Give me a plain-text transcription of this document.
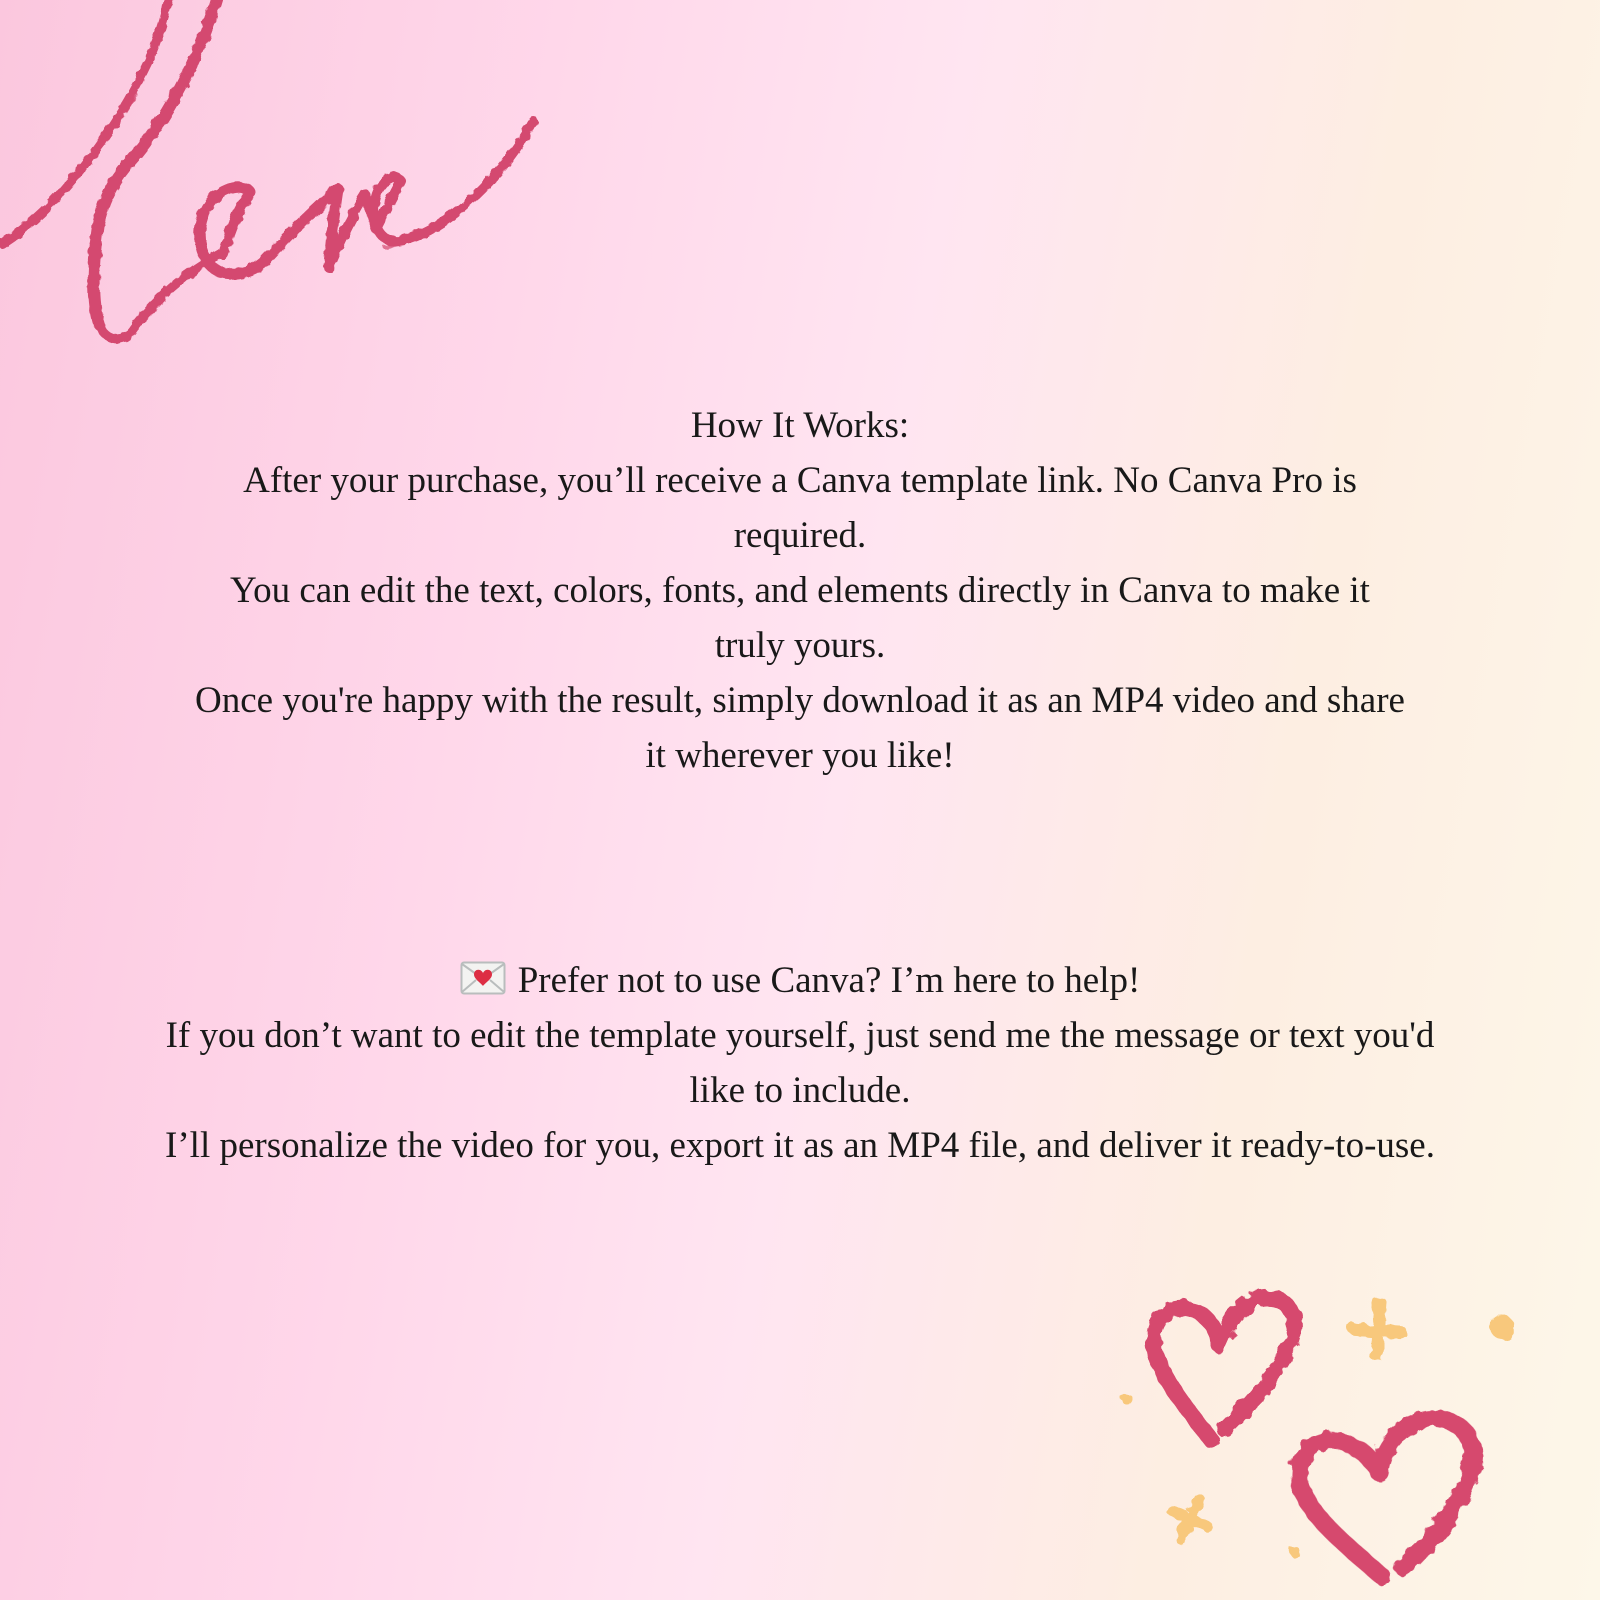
How It Works:
After your purchase, you’ll receive a Canva template link. No Canva Pro is
required.
You can edit the text, colors, fonts, and elements directly in Canva to make it
truly yours.
Once you're happy with the result, simply download it as an MP4 video and share
it wherever you like!
Prefer not to use Canva? I’m here to help!
If you don’t want to edit the template yourself, just send me the message or text you'd
like to include.
I’ll personalize the video for you, export it as an MP4 file, and deliver it ready-to-use.
